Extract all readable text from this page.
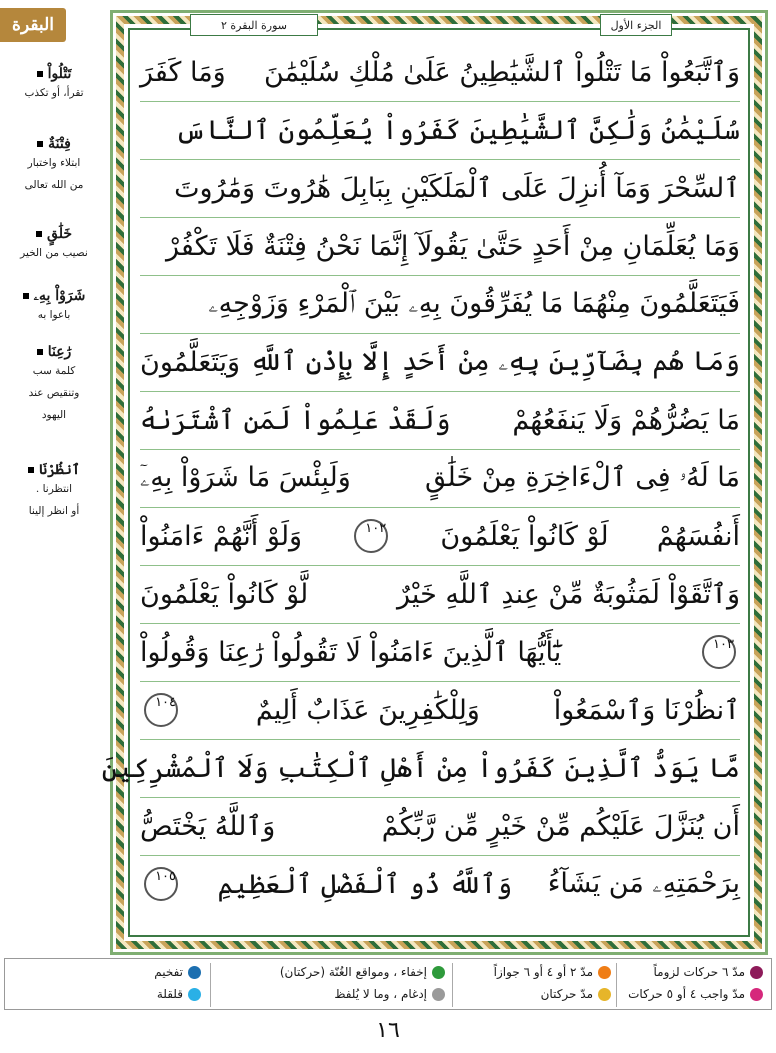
البقرة	الجزء الأول
سورة البقرة ٢
تَتْلُواْ
تقرأ، أو تكذب
فِتْنَةٌ
ابتلاء واختبار
من الله تعالى
خَلَٰقٍ
نصيب من الخير
شَرَوْاْ بِهِۦ
باعوا به
رَٰعِنَا
كلمة سب
وتنقيص عند
اليهود
ٱنظُرْنَا
انتظرنا .
أو انظر إلينا
وَٱتَّبَعُواْ مَا تَتْلُواْ ٱلشَّيَٰطِينُ عَلَىٰ مُلْكِ سُلَيْمَٰنَ
وَمَا كَفَرَ
سُلَيْمَٰنُ وَلَٰكِنَّ ٱلشَّيَٰطِينَ كَفَرُواْ يُعَلِّمُونَ ٱلنَّاسَ
ٱلسِّحْرَ وَمَآ أُنزِلَ عَلَى ٱلْمَلَكَيْنِ بِبَابِلَ هَٰرُوتَ وَمَٰرُوتَ
وَمَا يُعَلِّمَانِ مِنْ أَحَدٍ حَتَّىٰ يَقُولَآ إِنَّمَا نَحْنُ فِتْنَةٌ فَلَا تَكْفُرْ
فَيَتَعَلَّمُونَ مِنْهُمَا مَا يُفَرِّقُونَ بِهِۦ بَيْنَ ٱلْمَرْءِ وَزَوْجِهِۦ
وَمَا هُم بِضَآرِّينَ بِهِۦ مِنْ أَحَدٍ إِلَّا بِإِذْنِ ٱللَّهِ
وَيَتَعَلَّمُونَ
مَا يَضُرُّهُمْ وَلَا يَنفَعُهُمْ
وَلَقَدْ عَلِمُواْ لَمَنِ ٱشْتَرَىٰهُ
مَا لَهُۥ فِى ٱلْءَاخِرَةِ مِنْ خَلَٰقٍ
وَلَبِئْسَ مَا شَرَوْاْ بِهِۦٓ
أَنفُسَهُمْ
لَوْ كَانُواْ يَعْلَمُونَ
١٠٢
وَلَوْ أَنَّهُمْ ءَامَنُواْ
وَٱتَّقَوْاْ لَمَثُوبَةٌ مِّنْ عِندِ ٱللَّهِ خَيْرٌ
لَّوْ كَانُواْ يَعْلَمُونَ
١٠٣
يَٰٓأَيُّهَا ٱلَّذِينَ ءَامَنُواْ لَا تَقُولُواْ رَٰعِنَا وَقُولُواْ
ٱنظُرْنَا وَٱسْمَعُواْ
وَلِلْكَٰفِرِينَ عَذَابٌ أَلِيمٌ
١٠٤
مَّا يَوَدُّ ٱلَّذِينَ كَفَرُواْ مِنْ أَهْلِ ٱلْكِتَٰبِ وَلَا ٱلْمُشْرِكِينَ
أَن يُنَزَّلَ عَلَيْكُم مِّنْ خَيْرٍ مِّن رَّبِّكُمْ
وَٱللَّهُ يَخْتَصُّ
بِرَحْمَتِهِۦ مَن يَشَآءُ
وَٱللَّهُ ذُو ٱلْفَضْلِ ٱلْعَظِيمِ
١٠٥
مدّ ٦ حركات لزوماً
مدّ واجب ٤ أو ٥ حركات
مدّ ٢ أو ٤ أو ٦ جوازاً
مدّ حركتان
إخفاء ، ومواقع الغُنّة (حركتان)
إدغام ، وما لا يُلفظ
تفخيم
قلقلة
١٦
